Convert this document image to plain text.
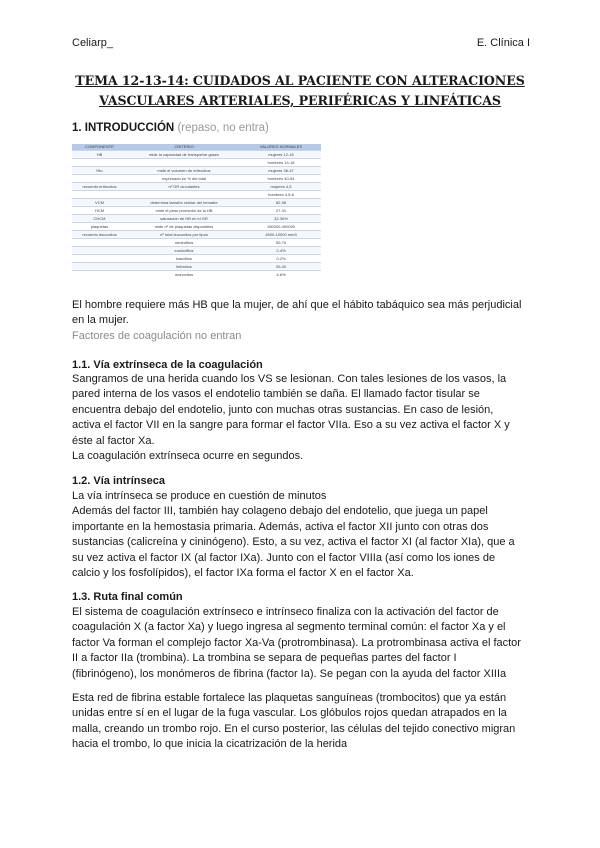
Celiarp_	E. Clínica I
TEMA 12-13-14: CUIDADOS AL PACIENTE CON ALTERACIONES
VASCULARES ARTERIALES, PERIFÉRICAS Y LINFÁTICAS
1. INTRODUCCIÓN (repaso, no entra)
COMPONENTE	CRITERIO	VALORES NORMALES
HB	mide la capacidad de transportar gases	mujeres 12-16
		hombres 14-18
Hto	mide el volumen de eritrocitos	mujeres 36-47
	expresado en % del total	hombres 40-54
recuento eritrocitos	nº GR circulantes	mujeres 4,5
		hombres 4,5-6
VCM	determina tamaño celular del hematíe	82-98
HCM	mide el peso promedio de la HB	27-31
CHCM	saturación de HB en el GR	32-36%
plaquetas	mide nº de plaquetas disponibles	150000-400000
recuento leucocitos	nº total leucocitos por tipos	4500-10000 mm3
	neutrófilos	50-70
	eosinófilos	2-4%
	basófilos	0-2%
	linfocitos	20-40
	monocitos	4-8%
El hombre requiere más HB que la mujer, de ahí que el hábito tabáquico sea más perjudicial
en la mujer.
Factores de coagulación no entran
1.1. Vía extrínseca de la coagulación
Sangramos de una herida cuando los VS se lesionan. Con tales lesiones de los vasos, la
pared interna de los vasos el endotelio también se daña. El llamado factor tisular se
encuentra debajo del endotelio, junto con muchas otras sustancias. En caso de lesión,
activa el factor VII en la sangre para formar el factor VIIa. Eso a su vez activa el factor X y
éste al factor Xa.
La coagulación extrínseca ocurre en segundos.
1.2. Vía intrínseca
La vía intrínseca se produce en cuestión de minutos
Además del factor III, también hay colageno debajo del endotelio, que juega un papel
importante en la hemostasia primaria. Además, activa el factor XII junto con otras dos
sustancias (calicreína y cininógeno). Esto, a su vez, activa el factor XI (al factor XIa), que a
su vez activa el factor IX (al factor IXa). Junto con el factor VIIIa (así como los iones de
calcio y los fosfolípidos), el factor IXa forma el factor X en el factor Xa.
1.3. Ruta final común
El sistema de coagulación extrínseco e intrínseco finaliza con la activación del factor de
coagulación X (a factor Xa) y luego ingresa al segmento terminal común: el factor Xa y el
factor Va forman el complejo factor Xa-Va (protrombinasa). La protrombinasa activa el factor
II a factor IIa (trombina). La trombina se separa de pequeñas partes del factor I
(fibrinógeno), los monómeros de fibrina (factor Ia). Se pegan con la ayuda del factor XIIIa
Esta red de fibrina estable fortalece las plaquetas sanguíneas (trombocitos) que ya están
unidas entre sí en el lugar de la fuga vascular. Los glóbulos rojos quedan atrapados en la
malla, creando un trombo rojo. En el curso posterior, las células del tejido conectivo migran
hacia el trombo, lo que inicia la cicatrización de la herida
